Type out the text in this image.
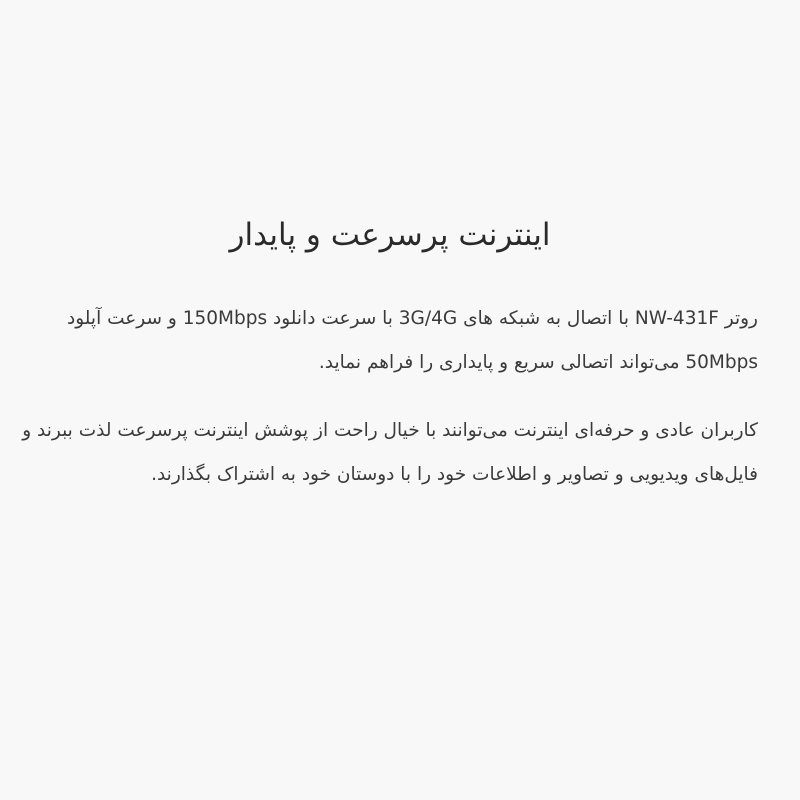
اینترنت پرسرعت و پایدار

روتر NW-431F با اتصال به شبکه های 3G/4G با سرعت دانلود 150Mbps و سرعت آپلود 50Mbps می‌تواند اتصالی سریع و پایداری را فراهم نماید.

کاربران عادی و حرفه‌ای اینترنت می‌توانند با خیال راحت از پوشش اینترنت پرسرعت لذت ببرند و فایل‌های ویدیویی و تصاویر و اطلاعات خود را با دوستان خود به اشتراک بگذارند.
